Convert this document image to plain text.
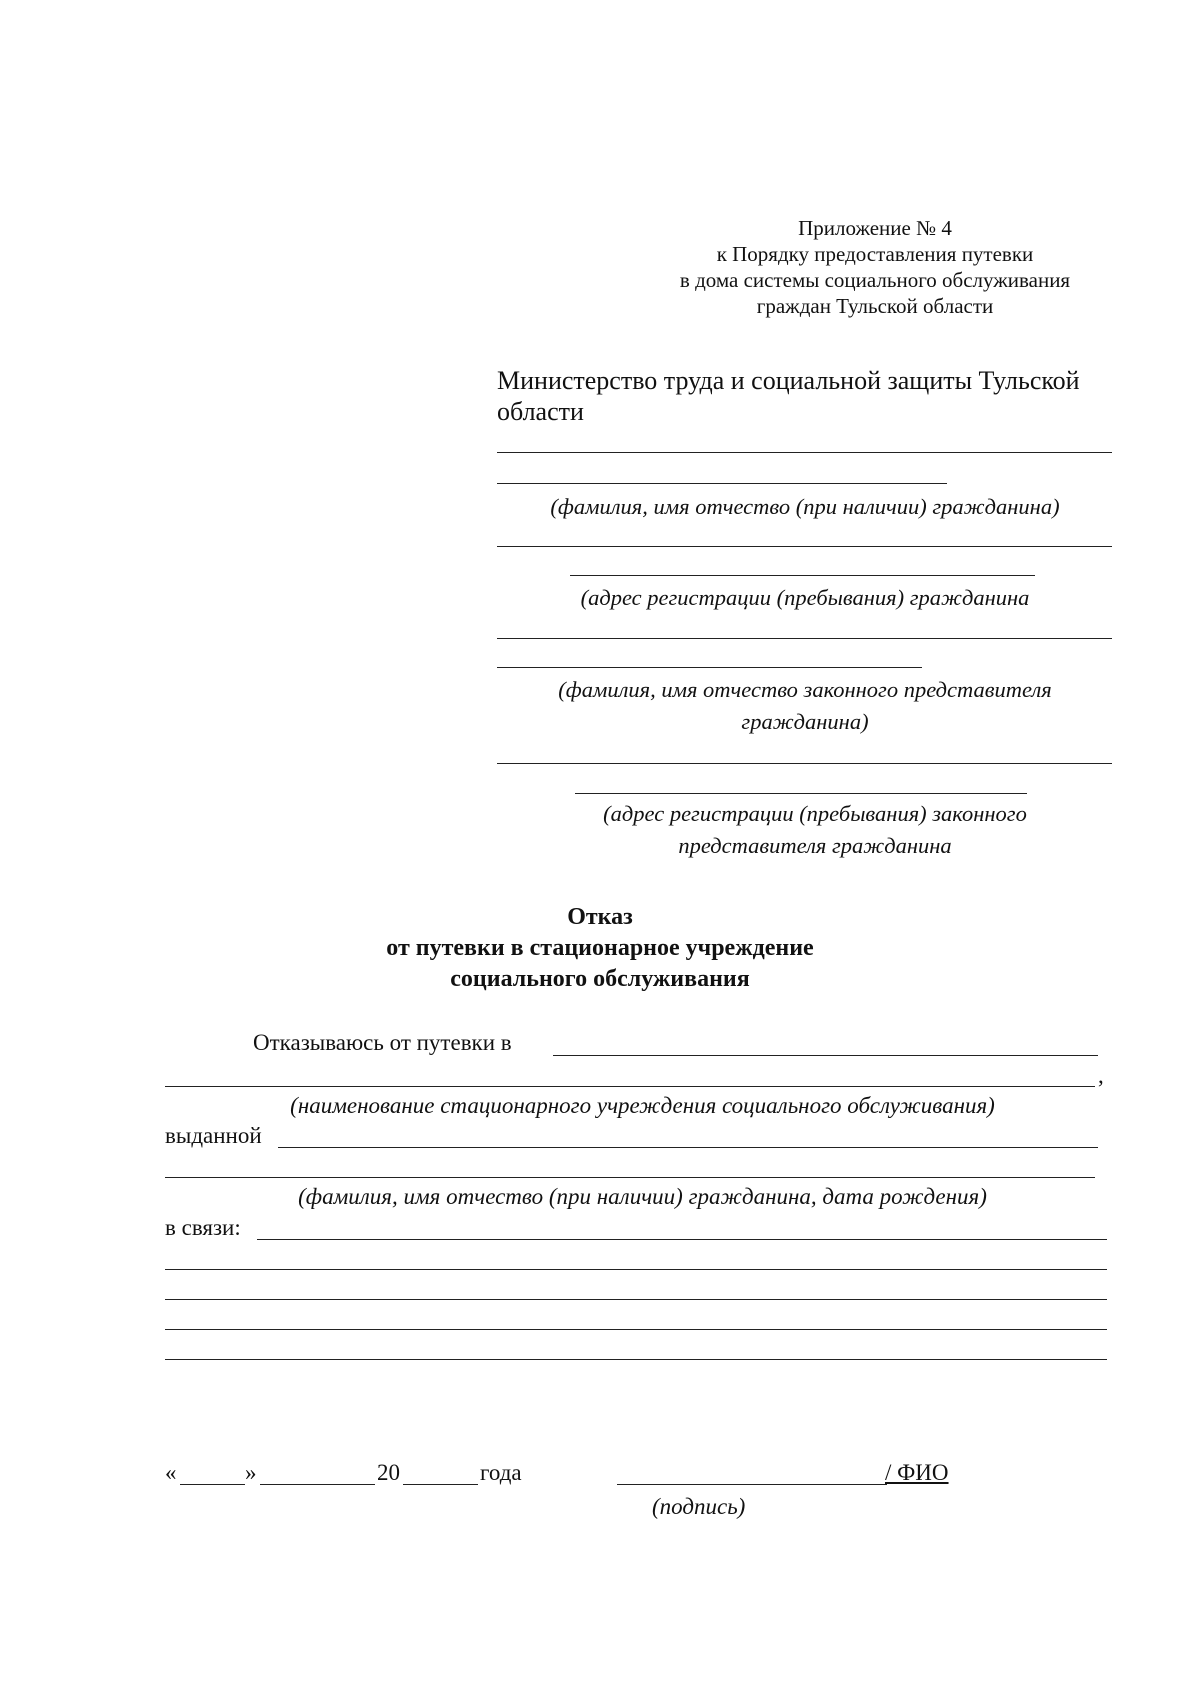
Приложение № 4
к Порядку предоставления путевки
в дома системы социального обслуживания
граждан Тульской области
Министерство труда и социальной защиты Тульской области
(фамилия, имя отчество (при наличии) гражданина)
(адрес регистрации (пребывания) гражданина
(фамилия, имя отчество законного представителя
гражданина)
(адрес регистрации (пребывания) законного
представителя гражданина
Отказ
от путевки в стационарное учреждение
социального обслуживания
Отказываюсь от путевки в
,
(наименование стационарного учреждения социального обслуживания)
выданной
(фамилия, имя отчество (при наличии) гражданина, дата рождения)
в связи:
«	»	20	года	/ ФИО
(подпись)
